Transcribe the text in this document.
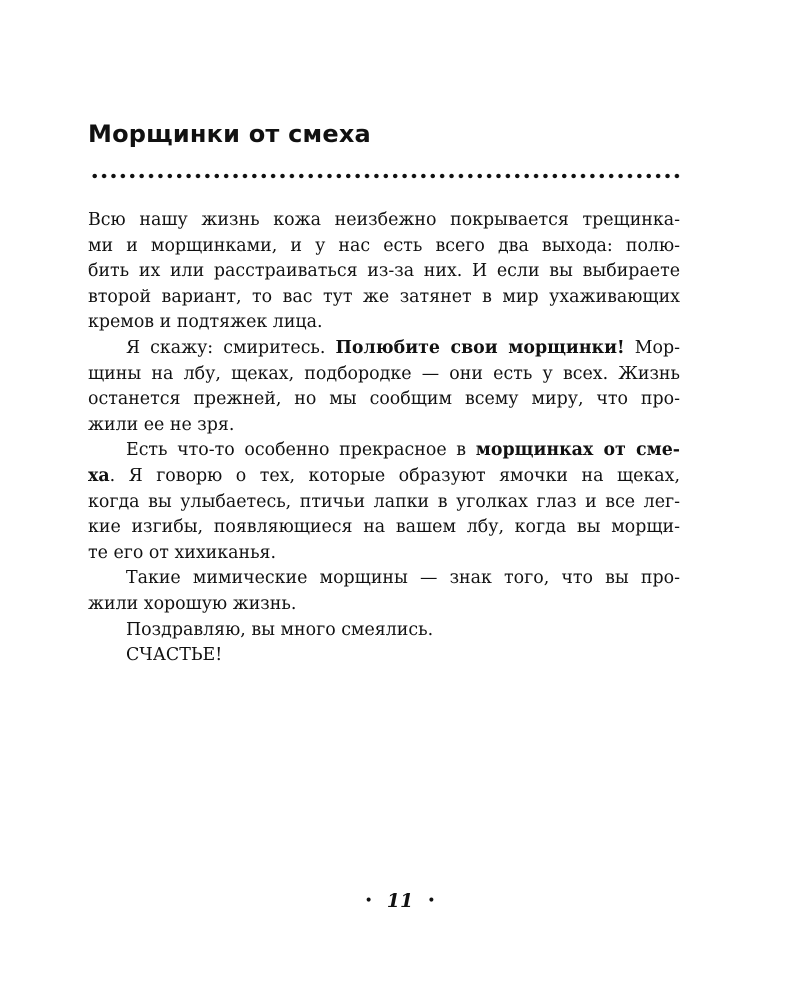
Морщинки от смеха
Всю нашу жизнь кожа неизбежно покрывается трещинка-
ми и морщинками, и у нас есть всего два выхода: полю-
бить их или расстраиваться из-за них. И если вы выбираете
второй вариант, то вас тут же затянет в мир ухаживающих
кремов и подтяжек лица.
Я скажу: смиритесь. Полюбите свои морщинки! Мор-
щины на лбу, щеках, подбородке — они есть у всех. Жизнь
останется прежней, но мы сообщим всему миру, что про-
жили ее не зря.
Есть что-то особенно прекрасное в морщинках от сме-
ха. Я говорю о тех, которые образуют ямочки на щеках,
когда вы улыбаетесь, птичьи лапки в уголках глаз и все лег-
кие изгибы, появляющиеся на вашем лбу, когда вы морщи-
те его от хихиканья.
Такие мимические морщины — знак того, что вы про-
жили хорошую жизнь.
Поздравляю, вы много смеялись.
СЧАСТЬЕ!
• 11 •
